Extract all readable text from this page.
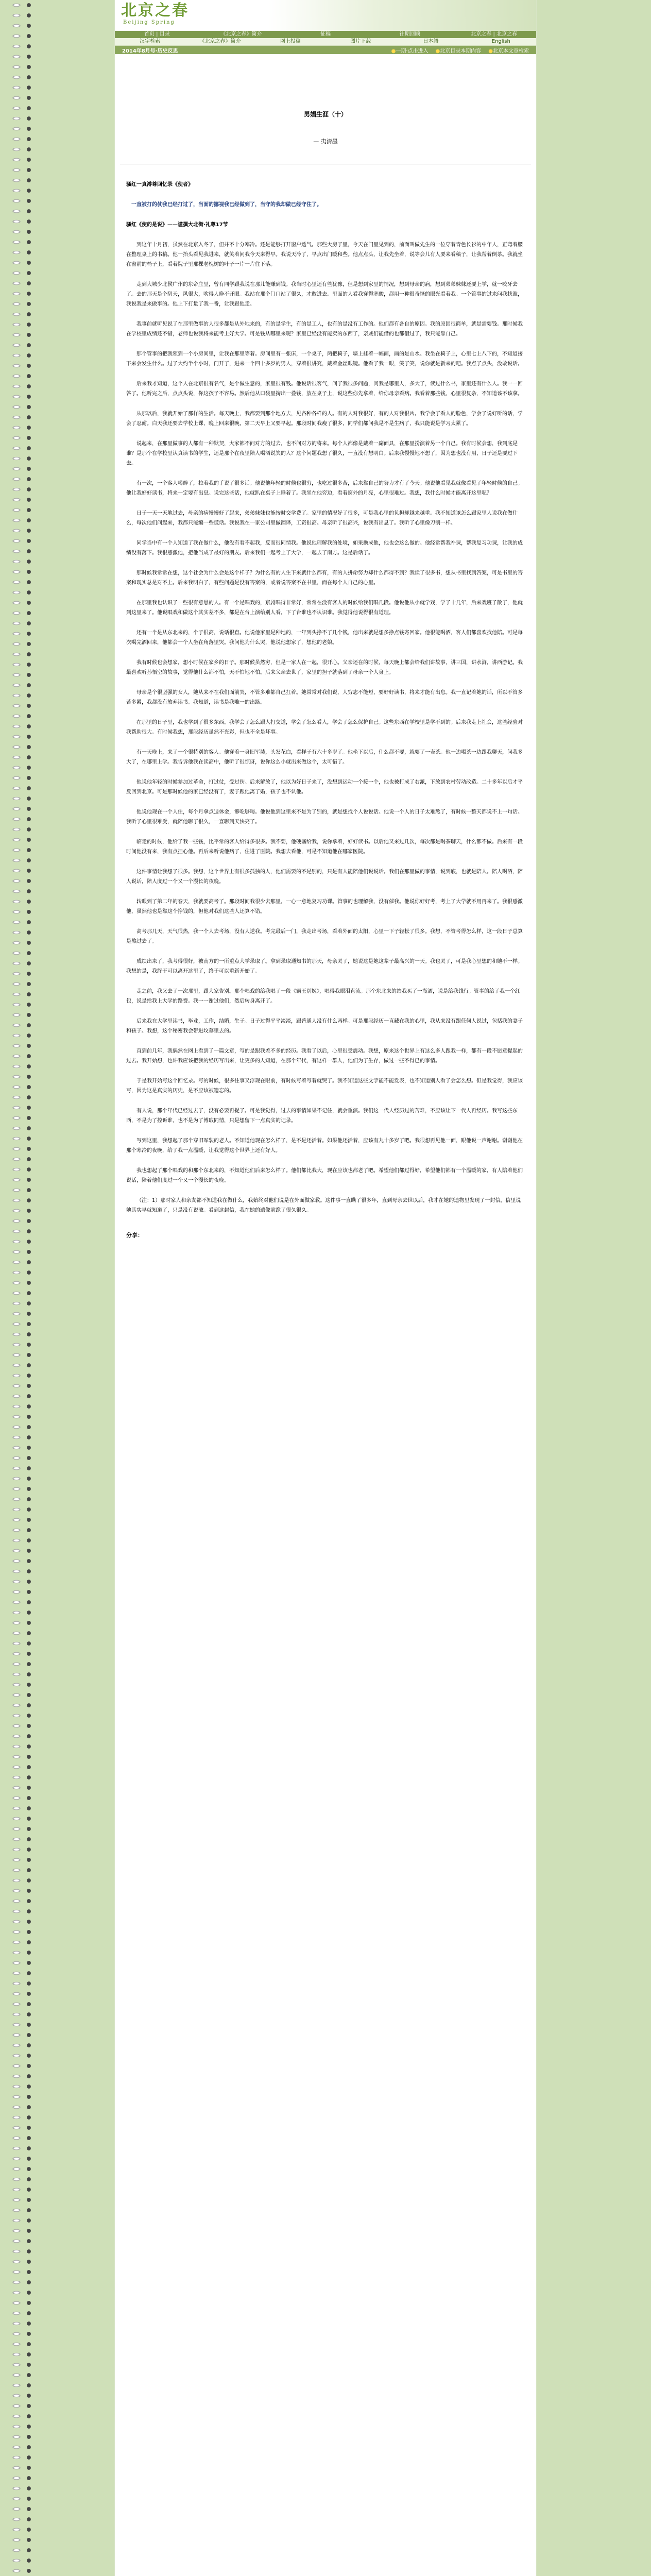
北京之春
Beijing Spring
首页 | 目录	《北京之春》简介	征稿	往期回顾	北京之春 | 北京之春
汉字检索	《北京之春》简介	网上投稿	图片下载	日本語	English
2014年8月号·历史反思	●一期·点击进入 ●北京目录本期内容 ●北京本文章检索
男娼生涯（十）
— 夷清墨

骚红一真溥尊回忆录《使者》

一直被打的仗我已经打过了，当面的挪视我已经做到了，当守的我却做已经守住了。

骚红《使的是说》——谨撰大北街·礼尊17节

到这年十月初，虽然在北京入冬了，但并不十分寒冷。还是能够打开窗户透气。那些大房子里，今天在门里见到的，前面叫做先生的一位穿着青色长衫的中年人，正弯着腰在整理桌上的书稿。他一抬头看见我进来，就笑着问我今天来得早。我说天冷了，早点出门暖和些。他点点头，让我先坐着，说等会儿有人要来看稿子，让我帮着倒茶。我就坐在窗前的椅子上，看着院子里那棵老槐树的叶子一片一片往下落。

走到大城少北侯广州的东帝庄里，曾有同学跟我说在那儿能赚到钱。我当时心里还有些犹豫，但是想到家里的情况，想到母亲的病，想到弟弟妹妹还要上学，就一咬牙去了。去的那天是个阴天，风很大，吹得人睁不开眼。我站在那个门口站了很久，才敢进去。里面的人看我穿得寒酸，都用一种很奇怪的眼光看着我。一个管事的过来问我找谁，我说我是来做事的。他上下打量了我一番，让我跟他走。

我事前就听见说了在那里做事的人很多都是从外地来的，有的是学生，有的是工人，也有的是没有工作的。他们都有各自的原因。我的原因很简单，就是需要钱。那时候我在学校里成绩还不错，老师也说我将来能考上好大学。可是钱从哪里来呢？家里已经没有能卖的东西了，亲戚们能借的也都借过了，我只能靠自己。

那个管事的把我领到一个小房间里，让我在那里等着。房间里有一张床，一个桌子，两把椅子，墙上挂着一幅画，画的是山水。我坐在椅子上，心里七上八下的，不知道接下来会发生什么。过了大约半个小时，门开了，进来一个四十多岁的男人，穿着很讲究，戴着金丝眼镜。他看了我一眼，笑了笑，说你就是新来的吧。我点了点头，没敢说话。

后来我才知道，这个人在北京很有名气，是个做生意的，家里很有钱。他说话很客气，问了我很多问题，问我是哪里人，多大了，读过什么书，家里还有什么人。我一一回答了。他听完之后，点点头说，你这孩子不容易。然后他从口袋里掏出一叠钱，放在桌子上，说这些你先拿着，给你母亲看病。我看着那些钱，心里很复杂，不知道该不该拿。

从那以后，我就开始了那样的生活。每天晚上，我都要到那个地方去，见各种各样的人。有的人对我很好，有的人对我很凶。我学会了看人的脸色，学会了说好听的话，学会了忍耐。白天我还要去学校上课，晚上回来很晚，第二天早上又要早起。那段时间我瘦了很多，同学们都问我是不是生病了，我只能说是学习太累了。

说起来，在那里做事的人都有一种默契，大家都不问对方的过去，也不问对方的将来。每个人都像是戴着一副面具，在那里扮演着另一个自己。我有时候会想，我到底是谁？是那个在学校里认真读书的学生，还是那个在夜里陪人喝酒说笑的人？这个问题我想了很久，一直没有想明白。后来我慢慢地不想了，因为想也没有用，日子还是要过下去。

有一次，一个客人喝醉了，拉着我的手说了很多话。他说他年轻的时候也很穷，也吃过很多苦，后来靠自己的努力才有了今天。他说他看见我就像看见了年轻时候的自己。他让我好好读书，将来一定要有出息。说完这些话，他就趴在桌子上睡着了。我坐在他旁边，看着窗外的月亮，心里很难过。我想，我什么时候才能离开这里呢？

日子一天一天地过去，母亲的病慢慢好了起来，弟弟妹妹也能按时交学费了。家里的情况好了很多，可是我心里的负担却越来越重。我不知道该怎么跟家里人说我在做什么，每次他们问起来，我都只能编一些谎话。我说我在一家公司里做翻译，工资很高。母亲听了很高兴，说我有出息了。我听了心里像刀割一样。

同学当中有一个人知道了我在做什么，他没有看不起我，反而很同情我。他说他理解我的处境，如果换成他，他也会这么做的。他经常帮我补课，帮我复习功课，让我的成绩没有落下。我很感激他，把他当成了最好的朋友。后来我们一起考上了大学，一起去了南方。这是后话了。

那时候我常常在想，这个社会为什么会是这个样子？为什么有的人生下来就什么都有，有的人拼命努力却什么都得不到？我读了很多书，想从书里找到答案，可是书里的答案和现实总是对不上。后来我明白了，有些问题是没有答案的，或者说答案不在书里，而在每个人自己的心里。

在那里我也认识了一些很有意思的人。有一个是唱戏的，京剧唱得非常好，常常在没有客人的时候给我们唱几段。他说他从小就学戏，学了十几年，后来戏班子散了，他就到这里来了。他说唱戏和做这个其实差不多，都是在台上演给别人看，下了台谁也不认识谁。我觉得他说得很有道理。

还有一个是从东北来的，个子很高，说话很直。他说他家里是种地的，一年到头挣不了几个钱，他出来就是想多挣点钱寄回家。他很能喝酒，客人们都喜欢找他陪。可是每次喝完酒回来，他都会一个人坐在角落里哭。我问他为什么哭，他说他想家了，想他的老娘。

我有时候也会想家，想小时候在家乡的日子。那时候虽然穷，但是一家人在一起，很开心。父亲还在的时候，每天晚上都会给我们讲故事，讲三国，讲水浒，讲西游记。我最喜欢听孙悟空的故事，觉得他什么都不怕，天不怕地不怕。后来父亲去世了，家里的担子就落到了母亲一个人身上。

母亲是个很坚强的女人，她从来不在我们面前哭，不管多难都自己扛着。她常常对我们说，人穷志不能短，要好好读书，将来才能有出息。我一直记着她的话，所以不管多苦多累，我都没有放弃读书。我知道，读书是我唯一的出路。

在那里的日子里，我也学到了很多东西。我学会了怎么跟人打交道，学会了怎么看人，学会了怎么保护自己。这些东西在学校里是学不到的。后来我走上社会，这些经验对我帮助很大。有时候我想，那段经历虽然不光彩，但也不全是坏事。

有一天晚上，来了一个很特别的客人。他穿着一身旧军装，头发花白，看样子有六十多岁了。他坐下以后，什么都不要，就要了一壶茶。他一边喝茶一边跟我聊天，问我多大了，在哪里上学。我告诉他我在读高中，他听了很惊讶，说你这么小就出来做这个，太可惜了。

他说他年轻的时候参加过革命，打过仗，受过伤。后来解放了，他以为好日子来了，没想到运动一个接一个，他也被打成了右派，下放到农村劳动改造。二十多年以后才平反回到北京。可是那时候他的家已经没有了，妻子跟他离了婚，孩子也不认他。

他说他现在一个人住，每个月拿点退休金，够吃够喝。他说他到这里来不是为了别的，就是想找个人说说话。他说一个人的日子太难熬了，有时候一整天都说不上一句话。我听了心里很难受，就陪他聊了很久，一直聊到天快亮了。

临走的时候，他给了我一些钱，比平常的客人给得多很多。我不要，他硬塞给我，说你拿着，好好读书。以后他又来过几次，每次都是喝茶聊天，什么都不做。后来有一段时间他没有来，我有点担心他。再后来听说他病了，住进了医院。我想去看他，可是不知道他在哪家医院。

这件事情让我想了很多。我想，这个世界上有很多孤独的人，他们需要的不是别的，只是有人能陪他们说说话。我们在那里做的事情，说到底，也就是陪人。陪人喝酒，陪人说话，陪人度过一个又一个漫长的夜晚。

转眼到了第二年的春天，我就要高考了。那段时间我很少去那里，一心一意地复习功课。管事的也理解我，没有催我。他说你好好考，考上了大学就不用再来了。我很感激他，虽然他也是靠这个挣钱的，但他对我们这些人还算不错。

高考那几天，天气很热，我一个人去考场，没有人送我。考完最后一门，我走出考场，看着外面的太阳，心里一下子轻松了很多。我想，不管考得怎么样，这一段日子总算是熬过去了。

成绩出来了，我考得很好，被南方的一所重点大学录取了。拿到录取通知书的那天，母亲哭了，她说这是她这辈子最高兴的一天。我也哭了，可是我心里想的和她不一样。我想的是，我终于可以离开这里了，终于可以重新开始了。

走之前，我又去了一次那里，跟大家告别。那个唱戏的给我唱了一段《霸王别姬》，唱得我眼泪直流。那个东北来的给我买了一瓶酒，说是给我饯行。管事的给了我一个红包，说是给我上大学的路费。我一一谢过他们，然后转身离开了。

后来我在大学里读书，毕业，工作，结婚，生子。日子过得平平淡淡，跟普通人没有什么两样。可是那段经历一直藏在我的心里，我从来没有跟任何人说过，包括我的妻子和孩子。我想，这个秘密我会带进坟墓里去的。

直到前几年，我偶然在网上看到了一篇文章，写的是跟我差不多的经历。我看了以后，心里很受震动。我想，原来这个世界上有这么多人跟我一样，都有一段不愿意提起的过去。我开始想，也许我应该把我的经历写出来，让更多的人知道，在那个年代，有这样一群人，他们为了生存，做过一些不得已的事情。

于是我开始写这个回忆录。写的时候，很多往事又浮现在眼前，有时候写着写着就哭了。我不知道这些文字能不能发表，也不知道别人看了会怎么想。但是我觉得，我应该写，因为这是真实的历史，是不应该被遗忘的。

有人说，那个年代已经过去了，没有必要再提了。可是我觉得，过去的事情如果不记住，就会重演。我们这一代人经历过的苦难，不应该让下一代人再经历。我写这些东西，不是为了控诉谁，也不是为了博取同情，只是想留下一点真实的记录。

写到这里，我想起了那个穿旧军装的老人。不知道他现在怎么样了，是不是还活着。如果他还活着，应该有九十多岁了吧。我很想再见他一面，跟他说一声谢谢。谢谢他在那个寒冷的夜晚，给了我一点温暖，让我觉得这个世界上还有好人。

我也想起了那个唱戏的和那个东北来的，不知道他们后来怎么样了。他们都比我大，现在应该也都老了吧。希望他们都过得好，希望他们都有一个温暖的家，有人陪着他们说话，陪着他们度过一个又一个漫长的夜晚。

（注：1）那时家人和亲友都不知道我在做什么，我始终对他们说是在外面做家教。这件事一直瞒了很多年，直到母亲去世以后，我才在她的遗物里发现了一封信，信里说她其实早就知道了，只是没有说破。看到这封信，我在她的遗像前跪了很久很久。

分享：
